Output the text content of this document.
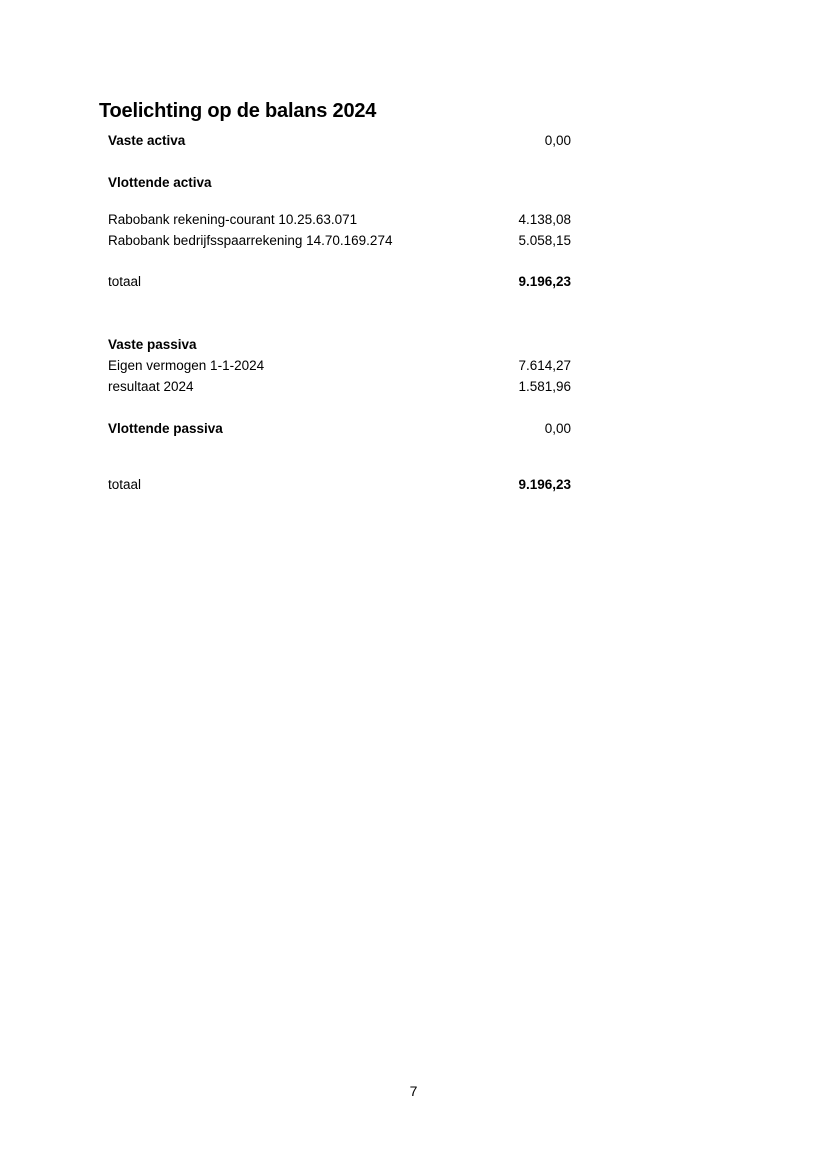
Toelichting op de balans 2024
Vaste activa	0,00
Vlottende activa
Rabobank rekening-courant 10.25.63.071	4.138,08
Rabobank bedrijfsspaarrekening 14.70.169.274	5.058,15
totaal	9.196,23
Vaste passiva
Eigen vermogen 1-1-2024	7.614,27
resultaat 2024	1.581,96
Vlottende passiva	0,00
totaal	9.196,23
7
